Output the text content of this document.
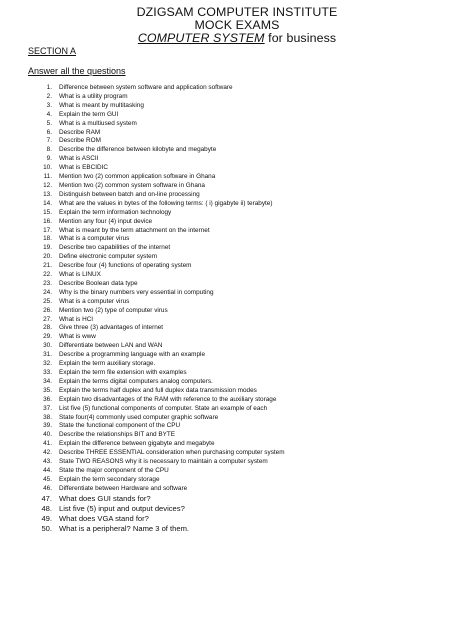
DZIGSAM COMPUTER INSTITUTE
MOCK EXAMS
COMPUTER SYSTEM for business
SECTION A
Answer all the questions
1.	Difference between system software and application software
2.	What is a utility program
3.	What is meant by multitasking
4.	Explain the term GUI
5.	What is a multiused system
6.	Describe RAM
7.	Describe ROM
8.	Describe the difference between kilobyte and megabyte
9.	What is ASCII
10.	What is EBCIDIC
11.	Mention two (2) common application software in Ghana
12.	Mention two (2) common system software in Ghana
13.	Distinguish between batch and on-line processing
14.	What are the values in bytes of the following terms: ( i) gigabyte ii) terabyte)
15.	Explain the term information technology
16.	Mention any four (4) input device
17.	What is meant by the term attachment on the internet
18.	What is a computer virus
19.	Describe two capabilities of the internet
20.	Define electronic computer system
21.	Describe four (4) functions of operating system
22.	What is LINUX
23.	Describe Boolean data type
24.	Why is the binary numbers very essential in computing
25.	What is a computer virus
26.	Mention two (2) type of computer virus
27.	What is HCI
28.	Give three (3) advantages of internet
29.	What is www
30.	Differentiate between LAN and WAN
31.	Describe a programming language with an example
32.	Explain the term auxiliary storage.
33.	Explain the term file extension with examples
34.	Explain the terms digital computers analog computers.
35.	Explain the terms half duplex and full duplex data transmission modes
36.	Explain two disadvantages of the RAM with reference to the auxiliary storage
37.	List five (5) functional components of computer. State an example of each
38.	State four(4) commonly used computer graphic software
39.	State the functional component of the CPU
40.	Describe the relationships BIT and BYTE
41.	Explain the difference between gigabyte and megabyte
42.	Describe THREE ESSENTIAL consideration when purchasing computer system
43.	State TWO REASONS why it is necessary to maintain a computer system
44.	State the major component of the CPU
45.	Explain the term secondary storage
46.	Differentiate between Hardware and software
47. What does GUI stands for?
48. List five (5) input and output devices?
49. What does VGA stand for?
50. What is a peripheral? Name 3 of them.
